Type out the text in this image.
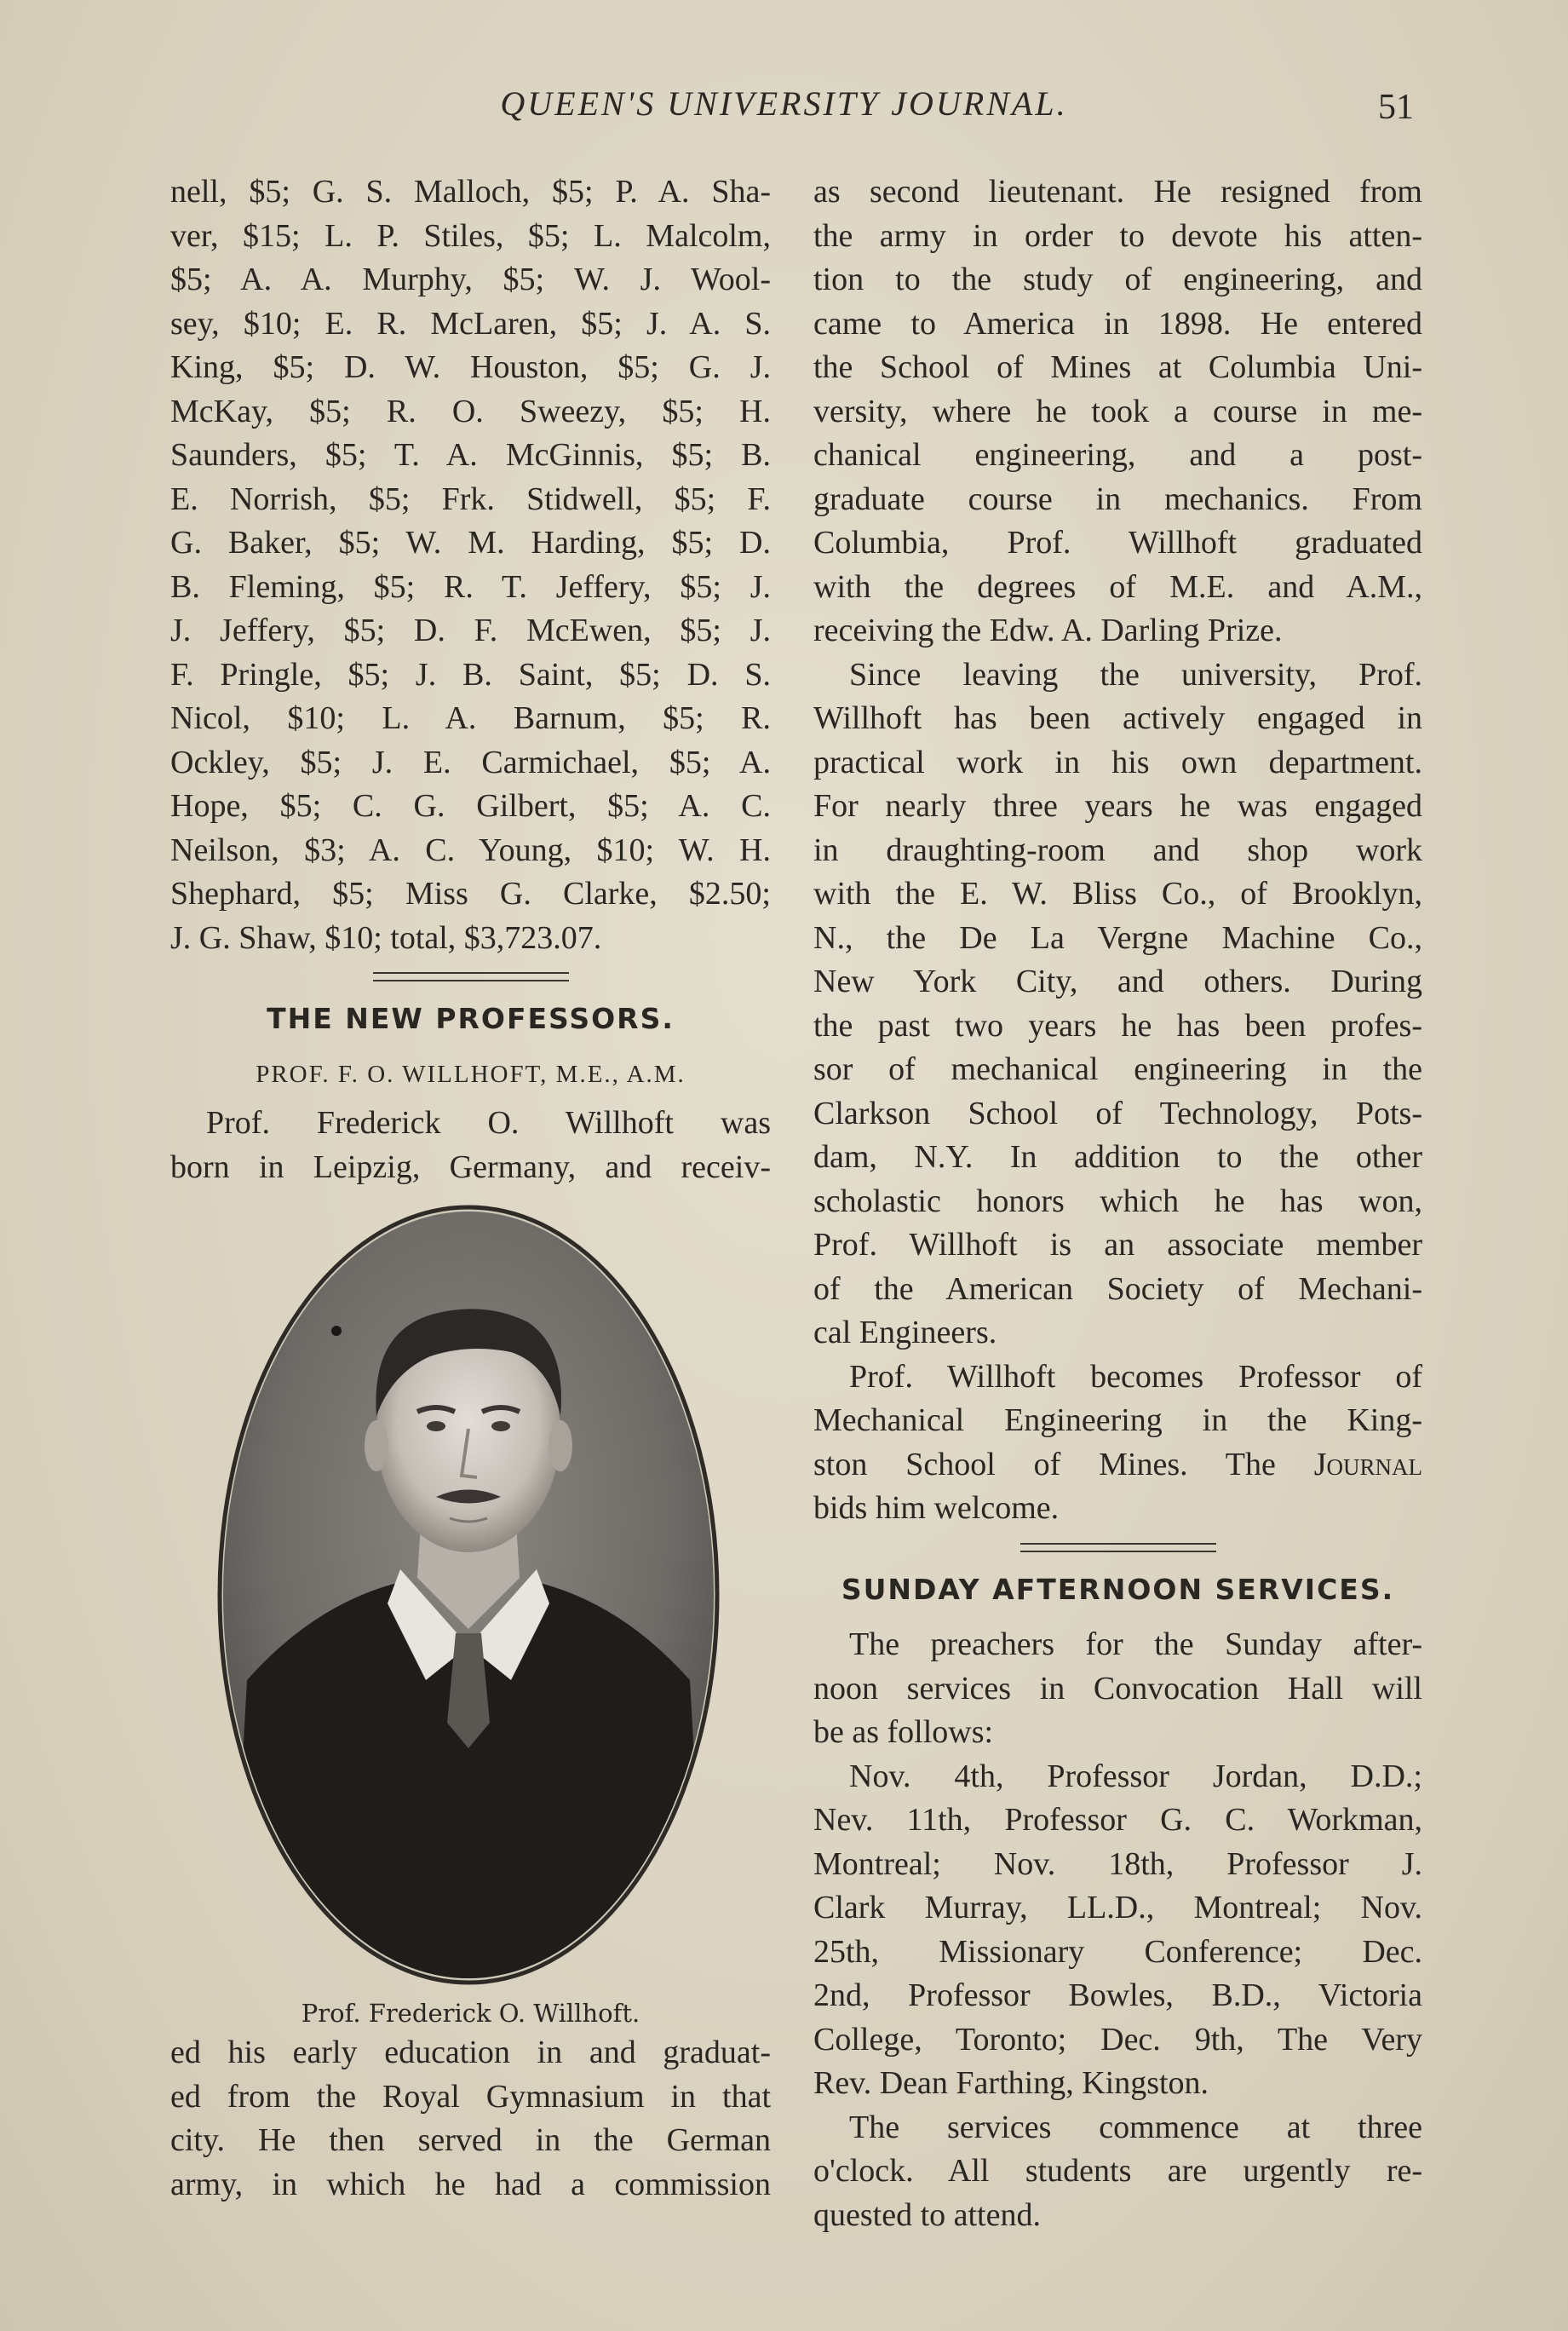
QUEEN'S UNIVERSITY JOURNAL.	51
nell, $5; G. S. Malloch, $5; P. A. Sha-
ver, $15; L. P. Stiles, $5; L. Malcolm,
$5; A. A. Murphy, $5; W. J. Wool-
sey, $10; E. R. McLaren, $5; J. A. S.
King, $5; D. W. Houston, $5; G. J.
McKay, $5; R. O. Sweezy, $5; H.
Saunders, $5; T. A. McGinnis, $5; B.
E. Norrish, $5; Frk. Stidwell, $5; F.
G. Baker, $5; W. M. Harding, $5; D.
B. Fleming, $5; R. T. Jeffery, $5; J.
J. Jeffery, $5; D. F. McEwen, $5; J.
F. Pringle, $5; J. B. Saint, $5; D. S.
Nicol, $10; L. A. Barnum, $5; R.
Ockley, $5; J. E. Carmichael, $5; A.
Hope, $5; C. G. Gilbert, $5; A. C.
Neilson, $3; A. C. Young, $10; W. H.
Shephard, $5; Miss G. Clarke, $2.50;
J. G. Shaw, $10; total, $3,723.07.
THE NEW PROFESSORS.
PROF. F. O. WILLHOFT, M.E., A.M.
Prof. Frederick O. Willhoft was
born in Leipzig, Germany, and receiv-
Prof. Frederick O. Willhoft.
ed his early education in and graduat-
ed from the Royal Gymnasium in that
city. He then served in the German
army, in which he had a commission
as second lieutenant. He resigned from
the army in order to devote his atten-
tion to the study of engineering, and
came to America in 1898. He entered
the School of Mines at Columbia Uni-
versity, where he took a course in me-
chanical engineering, and a post-
graduate course in mechanics. From
Columbia, Prof. Willhoft graduated
with the degrees of M.E. and A.M.,
receiving the Edw. A. Darling Prize.
Since leaving the university, Prof.
Willhoft has been actively engaged in
practical work in his own department.
For nearly three years he was engaged
in draughting-room and shop work
with the E. W. Bliss Co., of Brooklyn,
N., the De La Vergne Machine Co.,
New York City, and others. During
the past two years he has been profes-
sor of mechanical engineering in the
Clarkson School of Technology, Pots-
dam, N.Y. In addition to the other
scholastic honors which he has won,
Prof. Willhoft is an associate member
of the American Society of Mechani-
cal Engineers.
Prof. Willhoft becomes Professor of
Mechanical Engineering in the King-
ston School of Mines. The Journal
bids him welcome.
SUNDAY AFTERNOON SERVICES.
The preachers for the Sunday after-
noon services in Convocation Hall will
be as follows:
Nov. 4th, Professor Jordan, D.D.;
Nev. 11th, Professor G. C. Workman,
Montreal; Nov. 18th, Professor J.
Clark Murray, LL.D., Montreal; Nov.
25th, Missionary Conference; Dec.
2nd, Professor Bowles, B.D., Victoria
College, Toronto; Dec. 9th, The Very
Rev. Dean Farthing, Kingston.
The services commence at three
o'clock. All students are urgently re-
quested to attend.
